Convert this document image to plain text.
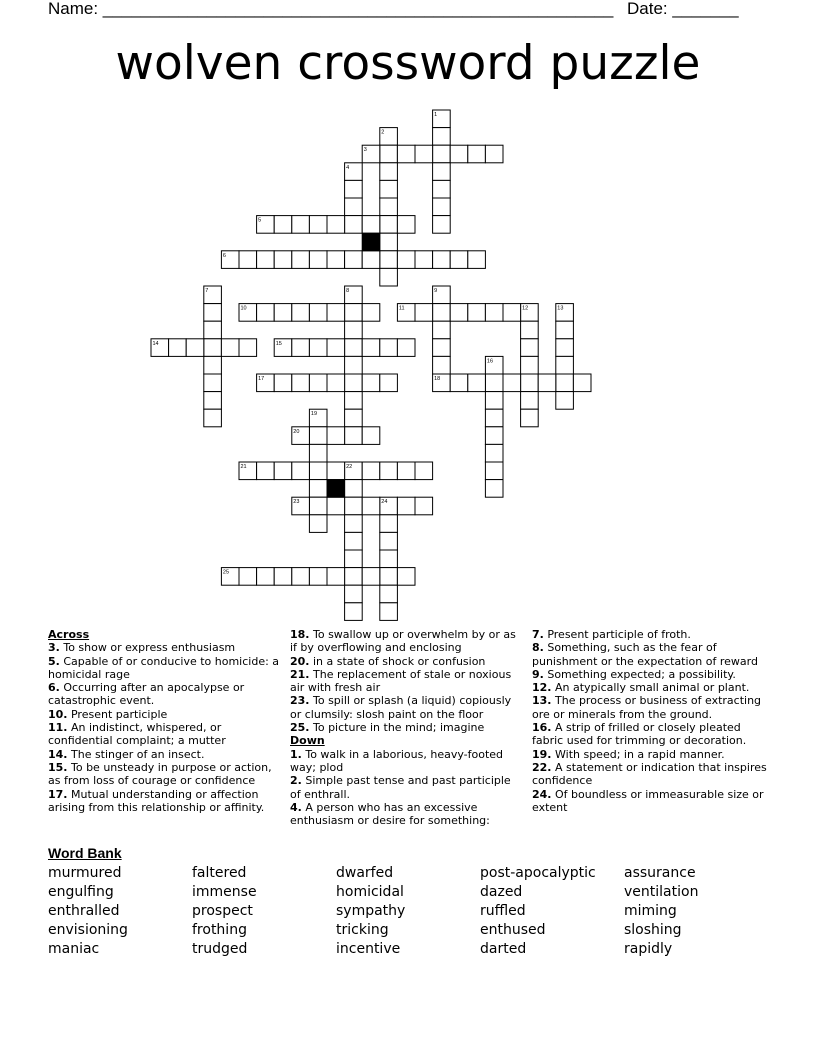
Name: ______________________________________________________ Date: _______
wolven crossword puzzle
1
2
3
4
5
6
7	8	9
10	11	12	13
14	15
16
17	18
19
20
21	22
23	24
25
Across
3. To show or express enthusiasm
5. Capable of or conducive to homicide: a homicidal rage
6. Occurring after an apocalypse or catastrophic event.
10. Present participle
11. An indistinct, whispered, or confidential complaint; a mutter
14. The stinger of an insect.
15. To be unsteady in purpose or action, as from loss of courage or confidence
17. Mutual understanding or affection arising from this relationship or affinity.
18. To swallow up or overwhelm by or as if by overflowing and enclosing
20. in a state of shock or confusion
21. The replacement of stale or noxious air with fresh air
23. To spill or splash (a liquid) copiously or clumsily: slosh paint on the floor
25. To picture in the mind; imagine
Down
1. To walk in a laborious, heavy-footed way; plod
2. Simple past tense and past participle of enthrall.
4. A person who has an excessive enthusiasm or desire for something:
7. Present participle of froth.
8. Something, such as the fear of punishment or the expectation of reward
9. Something expected; a possibility.
12. An atypically small animal or plant.
13. The process or business of extracting ore or minerals from the ground.
16. A strip of frilled or closely pleated fabric used for trimming or decoration.
19. With speed; in a rapid manner.
22. A statement or indication that inspires confidence
24. Of boundless or immeasurable size or extent
Word Bank
murmured	faltered	dwarfed	post-apocalyptic assurance
engulfing	immense	homicidal	dazed	ventilation
enthralled	prospect	sympathy	ruffled	miming
envisioning	frothing	tricking	enthused	sloshing
maniac	trudged	incentive	darted	rapidly
